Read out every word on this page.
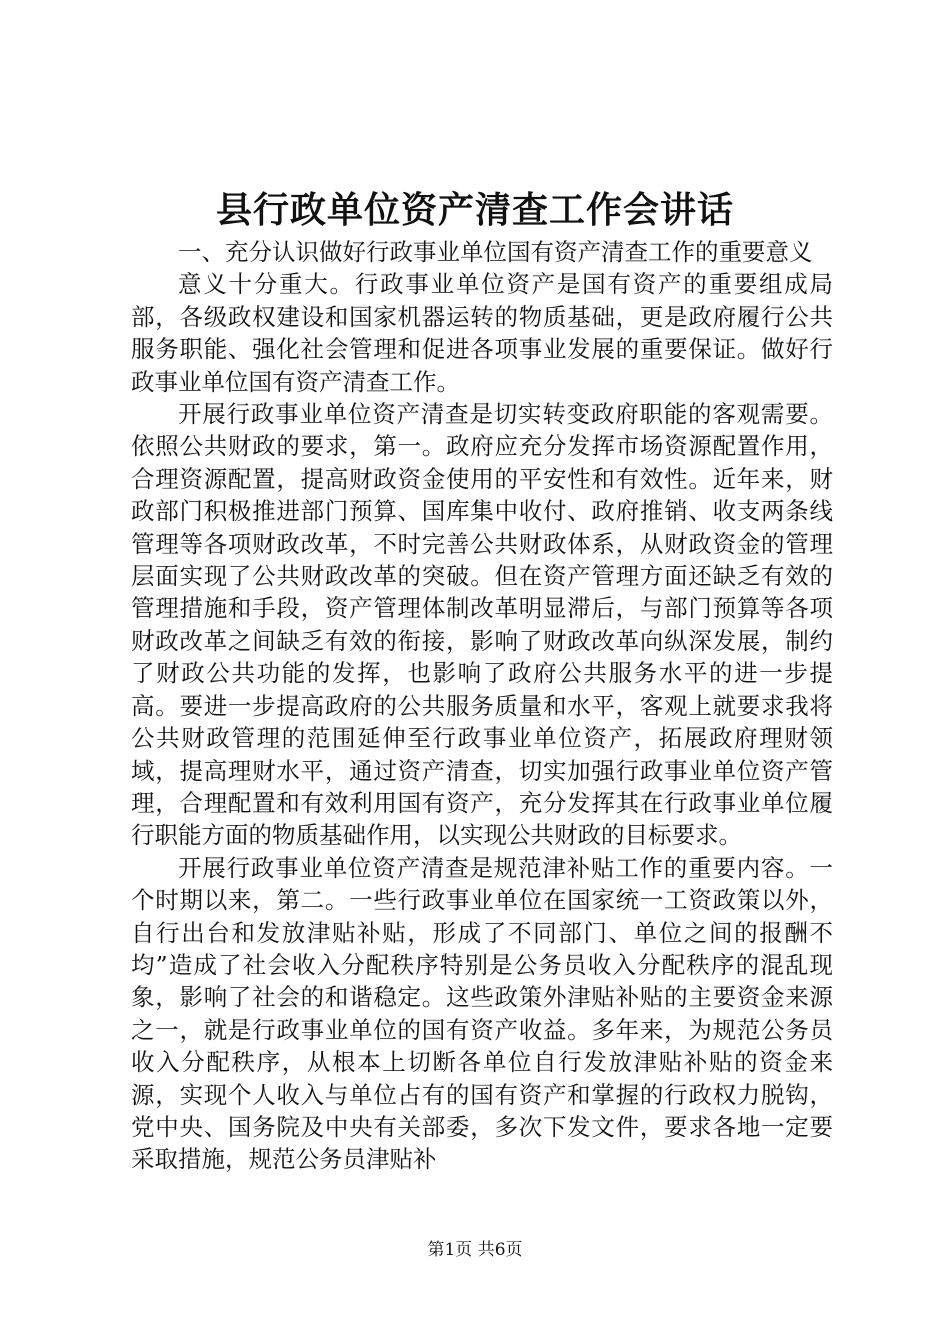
县行政单位资产清查工作会讲话

一、充分认识做好行政事业单位国有资产清查工作的重要意义

意义十分重大。行政事业单位资产是国有资产的重要组成局部，各级政权建设和国家机器运转的物质基础，更是政府履行公共服务职能、强化社会管理和促进各项事业发展的重要保证。做好行政事业单位国有资产清查工作。

开展行政事业单位资产清查是切实转变政府职能的客观需要。依照公共财政的要求，第一。政府应充分发挥市场资源配置作用，合理资源配置，提高财政资金使用的平安性和有效性。近年来，财政部门积极推进部门预算、国库集中收付、政府推销、收支两条线管理等各项财政改革，不时完善公共财政体系，从财政资金的管理层面实现了公共财政改革的突破。但在资产管理方面还缺乏有效的管理措施和手段，资产管理体制改革明显滞后，与部门预算等各项财政改革之间缺乏有效的衔接，影响了财政改革向纵深发展，制约了财政公共功能的发挥，也影响了政府公共服务水平的进一步提高。要进一步提高政府的公共服务质量和水平，客观上就要求我将公共财政管理的范围延伸至行政事业单位资产，拓展政府理财领域，提高理财水平，通过资产清查，切实加强行政事业单位资产管理，合理配置和有效利用国有资产，充分发挥其在行政事业单位履行职能方面的物质基础作用，以实现公共财政的目标要求。

开展行政事业单位资产清查是规范津补贴工作的重要内容。一个时期以来，第二。一些行政事业单位在国家统一工资政策以外，自行出台和发放津贴补贴，形成了不同部门、单位之间的报酬不均”造成了社会收入分配秩序特别是公务员收入分配秩序的混乱现象，影响了社会的和谐稳定。这些政策外津贴补贴的主要资金来源之一，就是行政事业单位的国有资产收益。多年来，为规范公务员收入分配秩序，从根本上切断各单位自行发放津贴补贴的资金来源，实现个人收入与单位占有的国有资产和掌握的行政权力脱钩，党中央、国务院及中央有关部委，多次下发文件，要求各地一定要采取措施，规范公务员津贴补

第1页 共6页
